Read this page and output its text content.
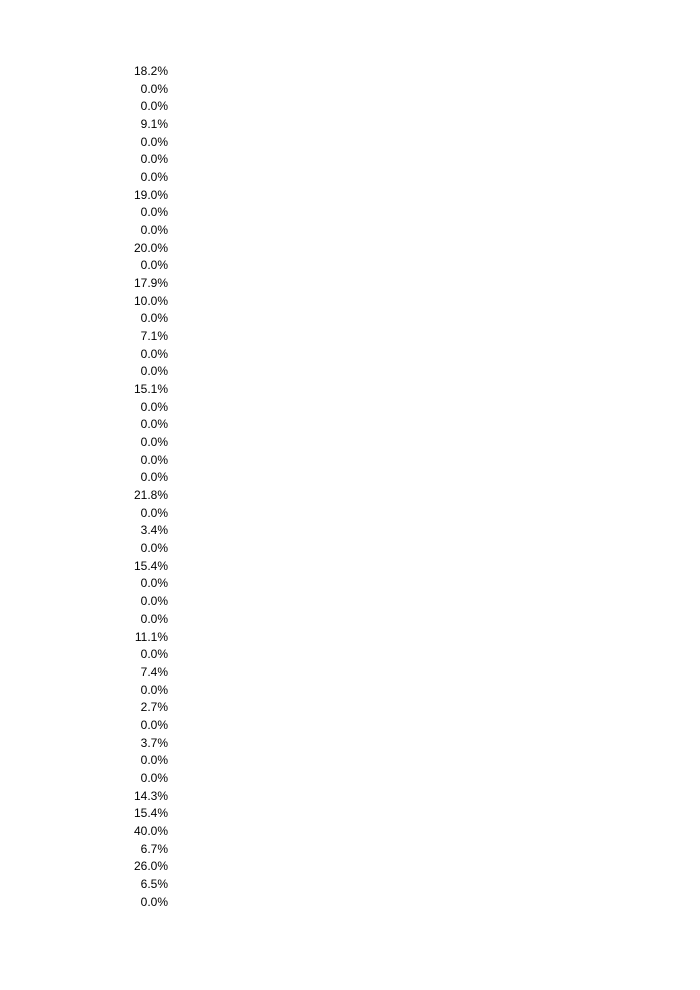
18.2%
0.0%
0.0%
9.1%
0.0%
0.0%
0.0%
19.0%
0.0%
0.0%
20.0%
0.0%
17.9%
10.0%
0.0%
7.1%
0.0%
0.0%
15.1%
0.0%
0.0%
0.0%
0.0%
0.0%
21.8%
0.0%
3.4%
0.0%
15.4%
0.0%
0.0%
0.0%
11.1%
0.0%
7.4%
0.0%
2.7%
0.0%
3.7%
0.0%
0.0%
14.3%
15.4%
40.0%
6.7%
26.0%
6.5%
0.0%
